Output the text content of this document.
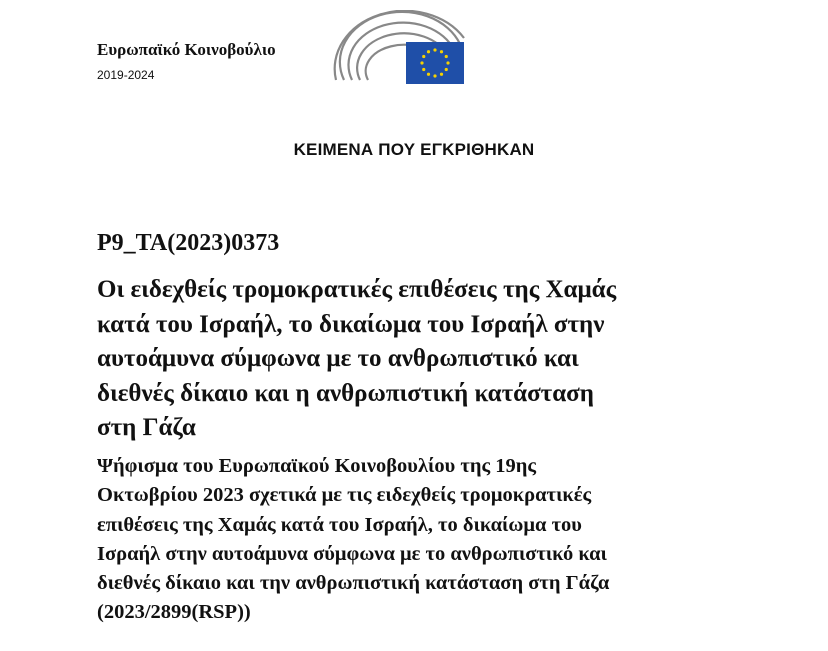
Ευρωπαϊκό Κοινοβούλιο
2019-2024
ΚΕΙΜΕΝΑ ΠΟΥ ΕΓΚΡΙΘΗΚΑΝ
P9_TA(2023)0373
Οι ειδεχθείς τρομοκρατικές επιθέσεις της Χαμάς
κατά του Ισραήλ, το δικαίωμα του Ισραήλ στην
αυτοάμυνα σύμφωνα με το ανθρωπιστικό και
διεθνές δίκαιο και η ανθρωπιστική κατάσταση
στη Γάζα
Ψήφισμα του Ευρωπαϊκού Κοινοβουλίου της 19ης
Οκτωβρίου 2023 σχετικά με τις ειδεχθείς τρομοκρατικές
επιθέσεις της Χαμάς κατά του Ισραήλ, το δικαίωμα του
Ισραήλ στην αυτοάμυνα σύμφωνα με το ανθρωπιστικό και
διεθνές δίκαιο και την ανθρωπιστική κατάσταση στη Γάζα
(2023/2899(RSP))
